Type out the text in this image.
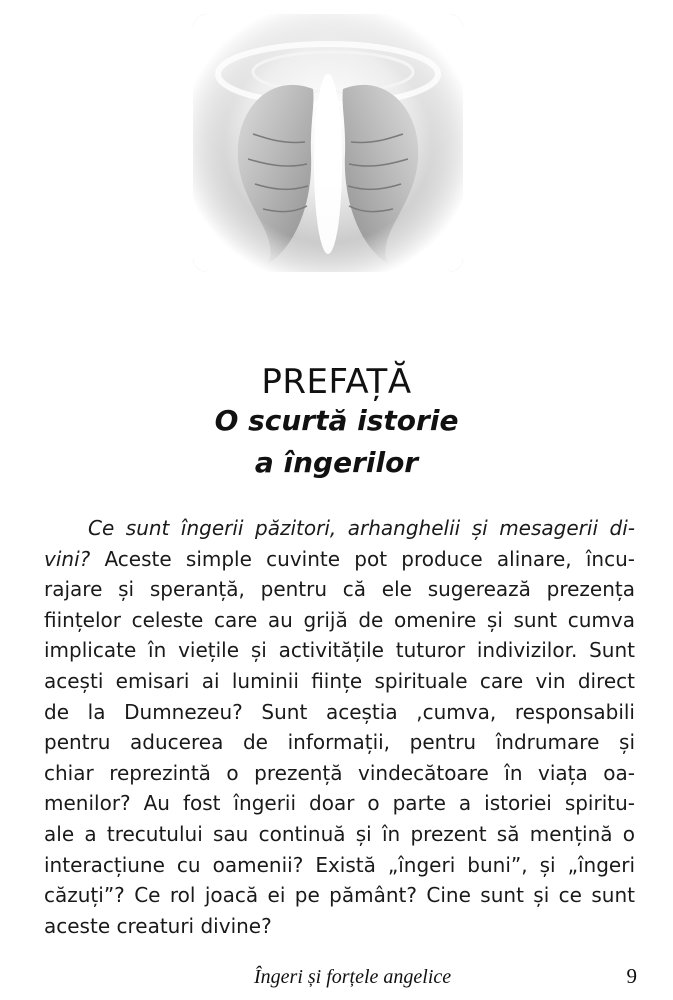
PREFAȚĂ
O scurtă istorie
a îngerilor
Ce sunt îngerii păzitori, arhanghelii și mesagerii di-
vini? Aceste simple cuvinte pot produce alinare, încu-
rajare și speranță, pentru că ele sugerează prezența
ființelor celeste care au grijă de omenire și sunt cumva
implicate în viețile și activitățile tuturor indivizilor. Sunt
acești emisari ai luminii ființe spirituale care vin direct
de la Dumnezeu? Sunt aceștia ,cumva, responsabili
pentru aducerea de informații, pentru îndrumare și
chiar reprezintă o prezență vindecătoare în viața oa-
menilor? Au fost îngerii doar o parte a istoriei spiritu-
ale a trecutului sau continuă și în prezent să mențină o
interacțiune cu oamenii? Există „îngeri buni”, și „îngeri
căzuți”? Ce rol joacă ei pe pământ? Cine sunt și ce sunt
aceste creaturi divine?
Îngeri și forțele angelice	9
